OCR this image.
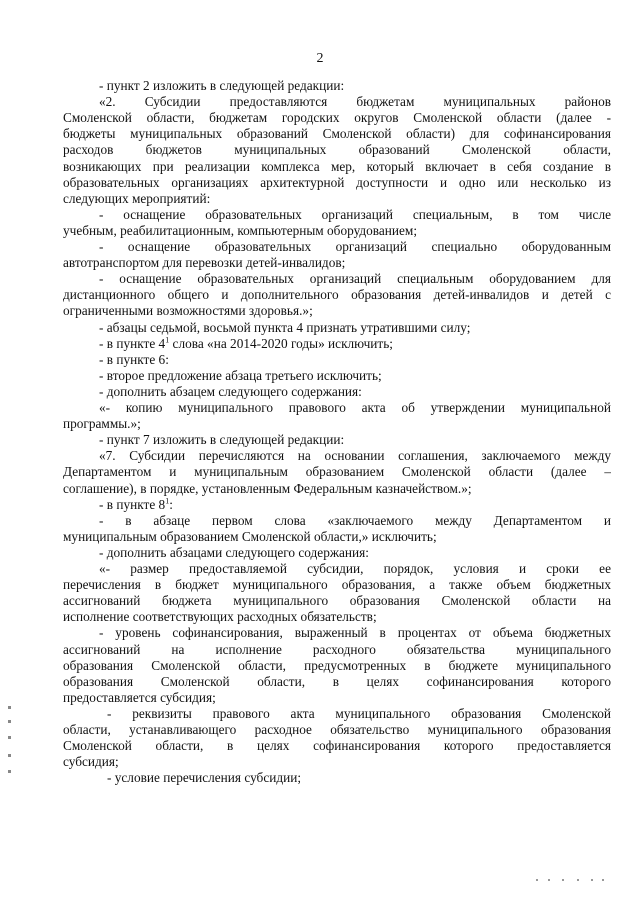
2
- пункт 2 изложить в следующей редакции:
«2. Субсидии предоставляются бюджетам муниципальных районов
Смоленской области, бюджетам городских округов Смоленской области (далее -
бюджеты муниципальных образований Смоленской области) для софинансирования
расходов бюджетов муниципальных образований Смоленской области,
возникающих при реализации комплекса мер, который включает в себя создание в
образовательных организациях архитектурной доступности и одно или несколько из
следующих мероприятий:
- оснащение образовательных организаций специальным, в том числе
учебным, реабилитационным, компьютерным оборудованием;
- оснащение образовательных организаций специально оборудованным
автотранспортом для перевозки детей-инвалидов;
- оснащение образовательных организаций специальным оборудованием для
дистанционного общего и дополнительного образования детей-инвалидов и детей с
ограниченными возможностями здоровья.»;
- абзацы седьмой, восьмой пункта 4 признать утратившими силу;
- в пункте $4^1$ слова «на 2014-2020 годы» исключить;
- в пункте 6:
- второе предложение абзаца третьего исключить;
- дополнить абзацем следующего содержания:
«- копию муниципального правового акта об утверждении муниципальной
программы.»;
- пункт 7 изложить в следующей редакции:
«7. Субсидии перечисляются на основании соглашения, заключаемого между
Департаментом и муниципальным образованием Смоленской области (далее –
соглашение), в порядке, установленным Федеральным казначейством.»;
- в пункте $8^1$:
- в абзаце первом слова «заключаемого между Департаментом и
муниципальным образованием Смоленской области,» исключить;
- дополнить абзацами следующего содержания:
«- размер предоставляемой субсидии, порядок, условия и сроки ее
перечисления в бюджет муниципального образования, а также объем бюджетных
ассигнований бюджета муниципального образования Смоленской области на
исполнение соответствующих расходных обязательств;
- уровень софинансирования, выраженный в процентах от объема бюджетных
ассигнований на исполнение расходного обязательства муниципального
образования Смоленской области, предусмотренных в бюджете муниципального
образования Смоленской области, в целях софинансирования которого
предоставляется субсидия;
- реквизиты правового акта муниципального образования Смоленской
области, устанавливающего расходное обязательство муниципального образования
Смоленской области, в целях софинансирования которого предоставляется
субсидия;
- условие перечисления субсидии;
